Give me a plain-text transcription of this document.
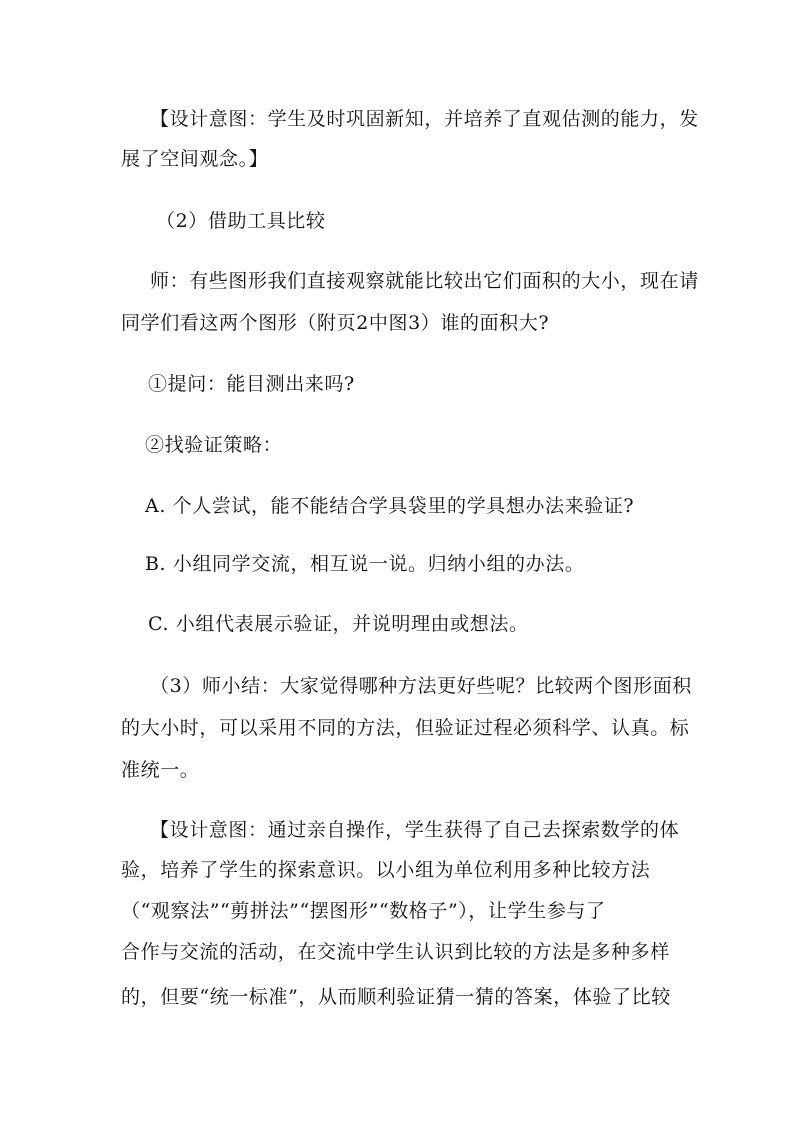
【设计意图：学生及时巩固新知，并培养了直观估测的能力，发
展了空间观念。】
（2）借助工具比较
师：有些图形我们直接观察就能比较出它们面积的大小，现在请
同学们看这两个图形（附页2中图3）谁的面积大?
①提问：能目测出来吗?
②找验证策略：
A. 个人尝试，能不能结合学具袋里的学具想办法来验证?
B. 小组同学交流，相互说一说。归纳小组的办法。
C. 小组代表展示验证，并说明理由或想法。
（3）师小结：大家觉得哪种方法更好些呢？比较两个图形面积
的大小时，可以采用不同的方法，但验证过程必须科学、认真。标
准统一。
【设计意图：通过亲自操作，学生获得了自己去探索数学的体
验，培养了学生的探索意识。以小组为单位利用多种比较方法
（“观察法”“剪拼法”“摆图形”“数格子”），让学生参与了
合作与交流的活动，在交流中学生认识到比较的方法是多种多样
的，但要“统一标准”，从而顺利验证猜一猜的答案，体验了比较
